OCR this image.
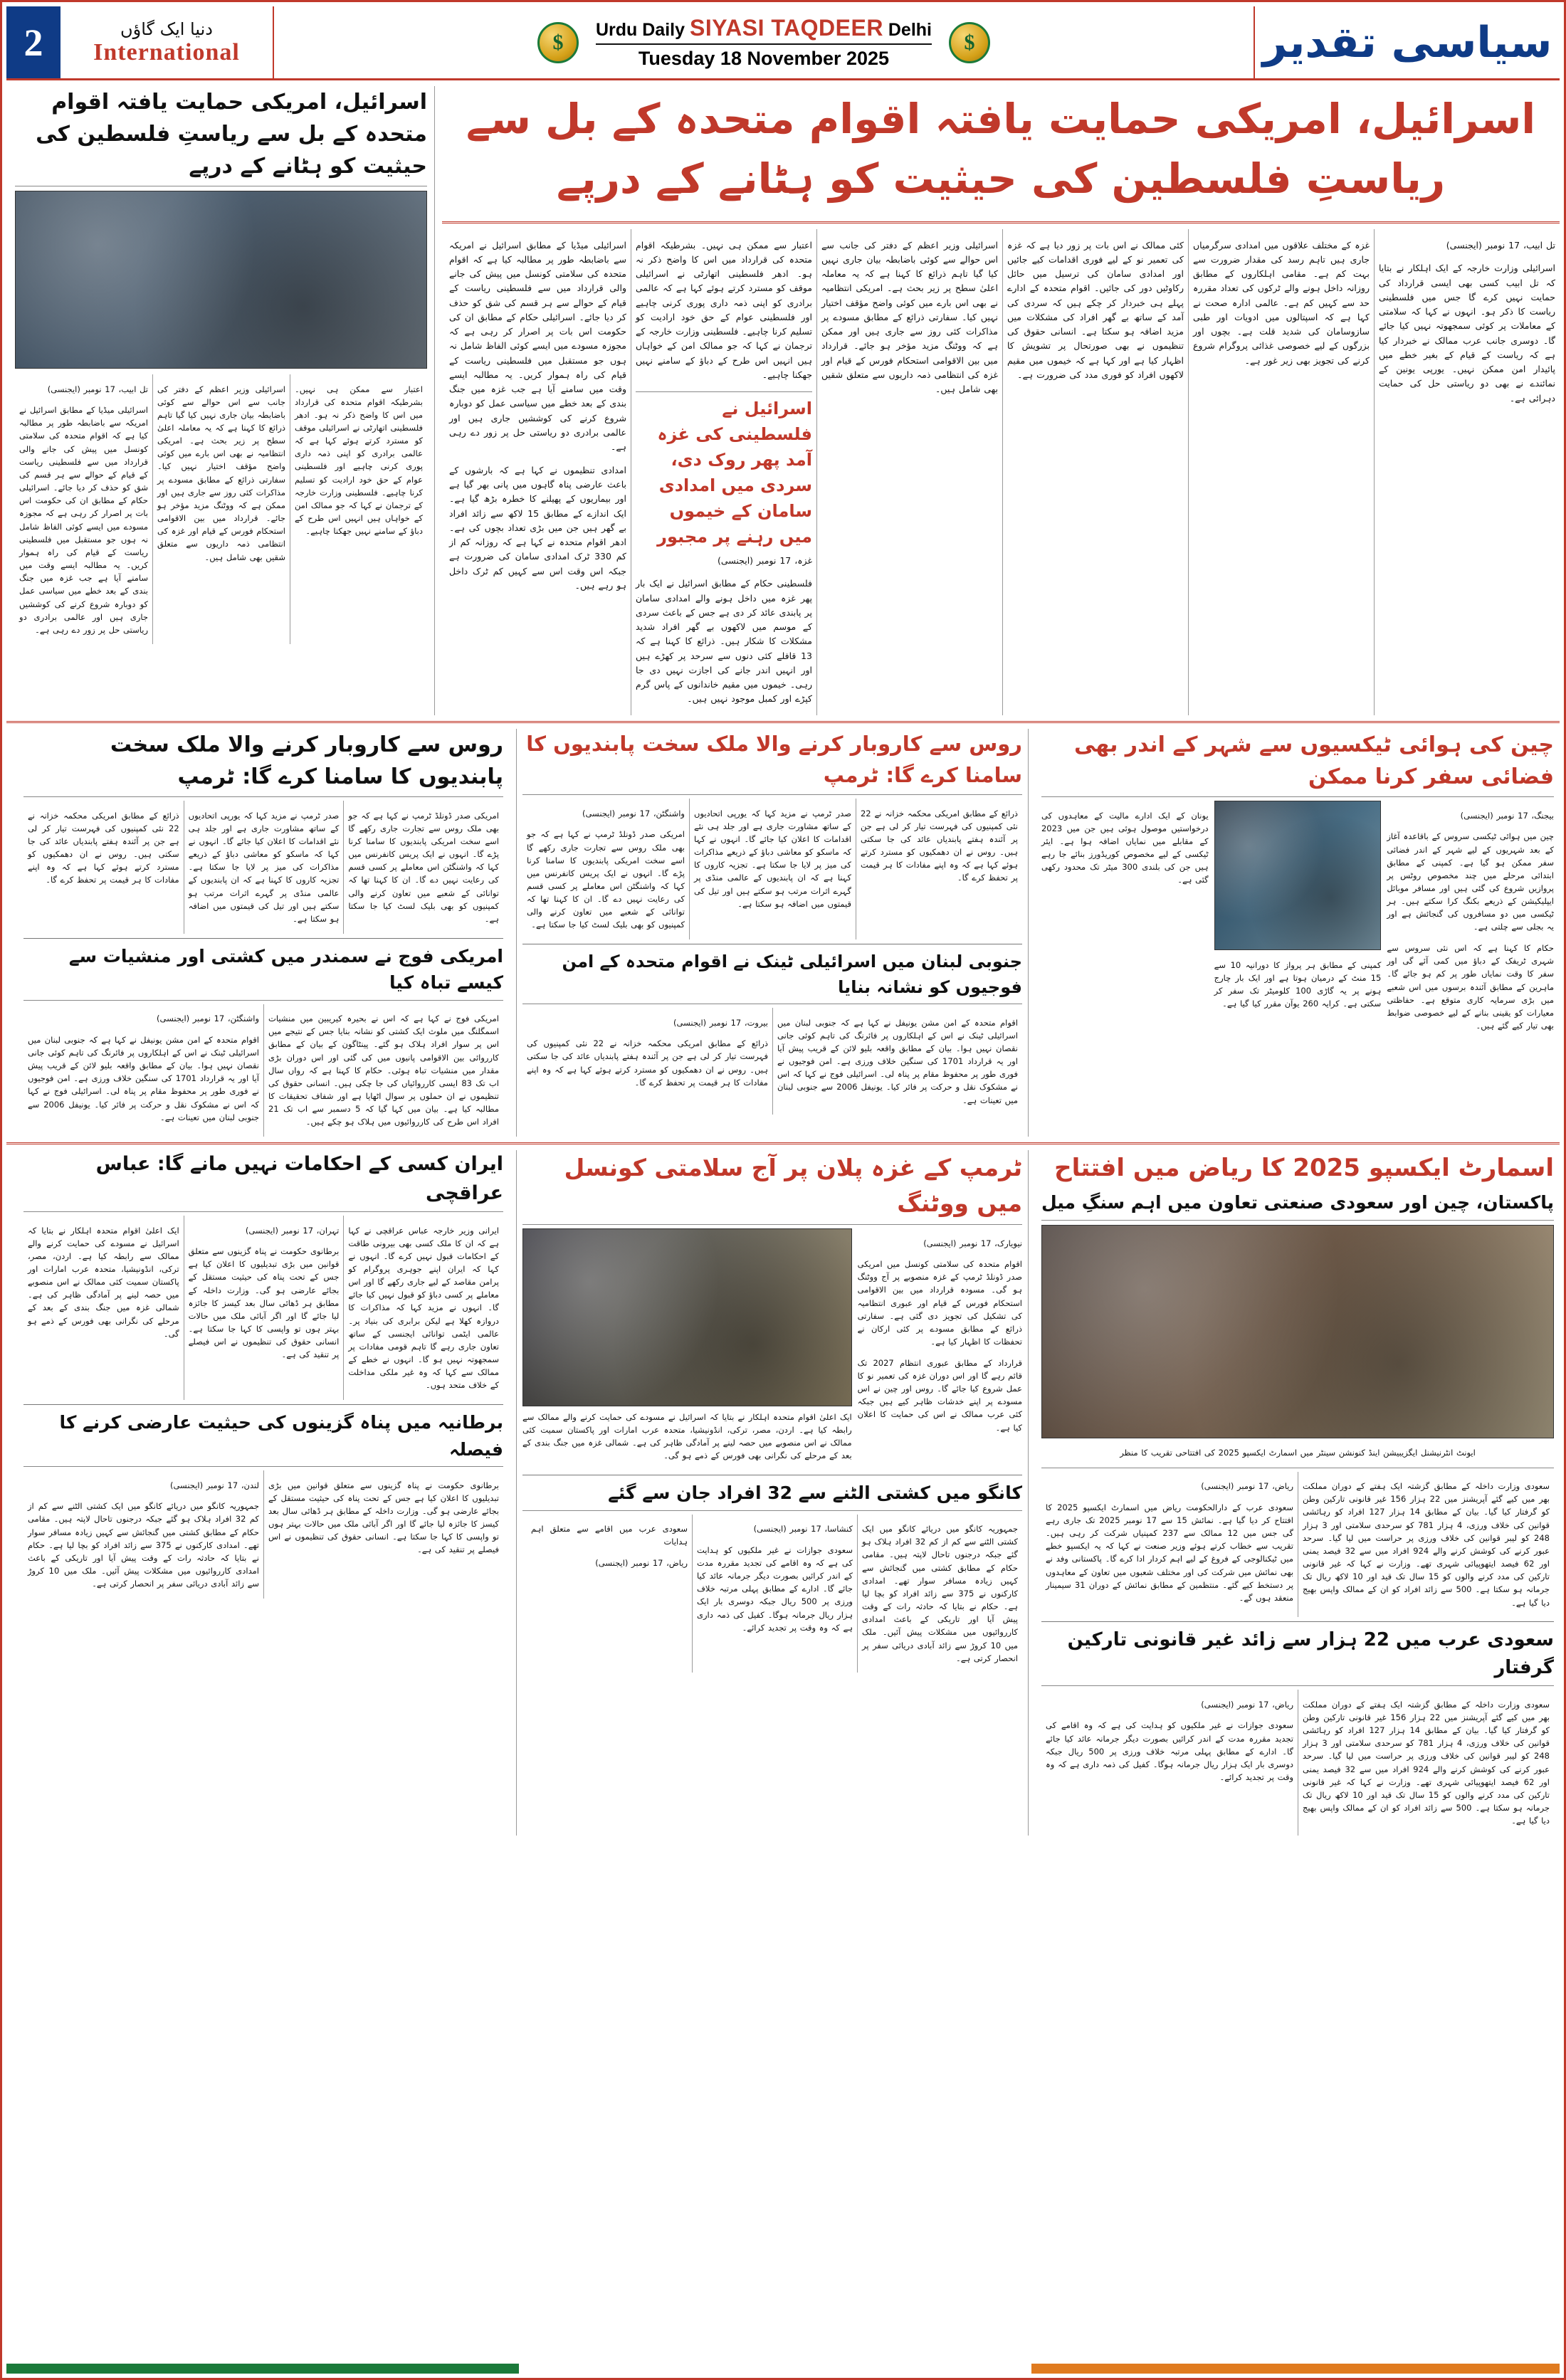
2	دنیا ایک گاؤں
International	$
Urdu Daily SIYASI TAQDEER Delhi
Tuesday 18 November 2025
$	سیاسی تقدیر
اسرائیل، امریکی حمایت یافتہ اقوام متحدہ کے بل سے ریاستِ فلسطین کی حیثیت کو ہٹانے کے درپے

تل ابیب، 17 نومبر (ایجنسی)

اسرائیلی وزارت خارجہ کے ایک اہلکار نے بتایا کہ تل ابیب کسی بھی ایسی قرارداد کی حمایت نہیں کرے گا جس میں فلسطینی ریاست کا ذکر ہو۔ انہوں نے کہا کہ سلامتی کے معاملات پر کوئی سمجھوتہ نہیں کیا جائے گا۔ دوسری جانب عرب ممالک نے خبردار کیا ہے کہ ریاست کے قیام کے بغیر خطے میں پائیدار امن ممکن نہیں۔ یورپی یونین کے نمائندے نے بھی دو ریاستی حل کی حمایت دہرائی ہے۔

غزہ کے مختلف علاقوں میں امدادی سرگرمیاں جاری ہیں تاہم رسد کی مقدار ضرورت سے بہت کم ہے۔ مقامی اہلکاروں کے مطابق روزانہ داخل ہونے والے ٹرکوں کی تعداد مقررہ حد سے کہیں کم ہے۔ عالمی ادارہ صحت نے کہا ہے کہ اسپتالوں میں ادویات اور طبی سازوسامان کی شدید قلت ہے۔ بچوں اور بزرگوں کے لیے خصوصی غذائی پروگرام شروع کرنے کی تجویز بھی زیر غور ہے۔

کئی ممالک نے اس بات پر زور دیا ہے کہ غزہ کی تعمیر نو کے لیے فوری اقدامات کیے جائیں اور امدادی سامان کی ترسیل میں حائل رکاوٹیں دور کی جائیں۔ اقوام متحدہ کے ادارے پہلے ہی خبردار کر چکے ہیں کہ سردی کی آمد کے ساتھ بے گھر افراد کی مشکلات میں مزید اضافہ ہو سکتا ہے۔ انسانی حقوق کی تنظیموں نے بھی صورتحال پر تشویش کا اظہار کیا ہے اور کہا ہے کہ خیموں میں مقیم لاکھوں افراد کو فوری مدد کی ضرورت ہے۔

اسرائیلی وزیر اعظم کے دفتر کی جانب سے اس حوالے سے کوئی باضابطہ بیان جاری نہیں کیا گیا تاہم ذرائع کا کہنا ہے کہ یہ معاملہ اعلیٰ سطح پر زیر بحث ہے۔ امریکی انتظامیہ نے بھی اس بارے میں کوئی واضح مؤقف اختیار نہیں کیا۔ سفارتی ذرائع کے مطابق مسودے پر مذاکرات کئی روز سے جاری ہیں اور ممکن ہے کہ ووٹنگ مزید مؤخر ہو جائے۔ قرارداد میں بین الاقوامی استحکام فورس کے قیام اور غزہ کی انتظامی ذمہ داریوں سے متعلق شقیں بھی شامل ہیں۔

اعتبار سے ممکن ہی نہیں۔ بشرطیکہ اقوام متحدہ کی قرارداد میں اس کا واضح ذکر نہ ہو۔ ادھر فلسطینی اتھارٹی نے اسرائیلی موقف کو مسترد کرتے ہوئے کہا ہے کہ عالمی برادری کو اپنی ذمہ داری پوری کرنی چاہیے اور فلسطینی عوام کے حق خود ارادیت کو تسلیم کرنا چاہیے۔ فلسطینی وزارت خارجہ کے ترجمان نے کہا کہ جو ممالک امن کے خواہاں ہیں انہیں اس طرح کے دباؤ کے سامنے نہیں جھکنا چاہیے۔

اسرائیل نے فلسطینی کی غزہ آمد پھر روک دی، سردی میں امدادی سامان کے خیموں میں رہنے پر مجبور

غزہ، 17 نومبر (ایجنسی)

فلسطینی حکام کے مطابق اسرائیل نے ایک بار پھر غزہ میں داخل ہونے والے امدادی سامان پر پابندی عائد کر دی ہے جس کے باعث سردی کے موسم میں لاکھوں بے گھر افراد شدید مشکلات کا شکار ہیں۔ ذرائع کا کہنا ہے کہ 13 قافلے کئی دنوں سے سرحد پر کھڑے ہیں اور انہیں اندر جانے کی اجازت نہیں دی جا رہی۔ خیموں میں مقیم خاندانوں کے پاس گرم کپڑے اور کمبل موجود نہیں ہیں۔

اسرائیلی میڈیا کے مطابق اسرائیل نے امریکہ سے باضابطہ طور پر مطالبہ کیا ہے کہ اقوام متحدہ کی سلامتی کونسل میں پیش کی جانے والی قرارداد میں سے فلسطینی ریاست کے قیام کے حوالے سے ہر قسم کی شق کو حذف کر دیا جائے۔ اسرائیلی حکام کے مطابق ان کی حکومت اس بات پر اصرار کر رہی ہے کہ مجوزہ مسودے میں ایسے کوئی الفاظ شامل نہ ہوں جو مستقبل میں فلسطینی ریاست کے قیام کی راہ ہموار کریں۔ یہ مطالبہ ایسے وقت میں سامنے آیا ہے جب غزہ میں جنگ بندی کے بعد خطے میں سیاسی عمل کو دوبارہ شروع کرنے کی کوششیں جاری ہیں اور عالمی برادری دو ریاستی حل پر زور دے رہی ہے۔

امدادی تنظیموں نے کہا ہے کہ بارشوں کے باعث عارضی پناہ گاہوں میں پانی بھر گیا ہے اور بیماریوں کے پھیلنے کا خطرہ بڑھ گیا ہے۔ ایک اندازے کے مطابق 15 لاکھ سے زائد افراد بے گھر ہیں جن میں بڑی تعداد بچوں کی ہے۔ ادھر اقوام متحدہ نے کہا ہے کہ روزانہ کم از کم 330 ٹرک امدادی سامان کی ضرورت ہے جبکہ اس وقت اس سے کہیں کم ٹرک داخل ہو رہے ہیں۔

اسرائیل، امریکی حمایت یافتہ اقوام متحدہ کے بل سے ریاستِ فلسطین کی حیثیت کو ہٹانے کے درپے

اعتبار سے ممکن ہی نہیں۔ بشرطیکہ اقوام متحدہ کی قرارداد میں اس کا واضح ذکر نہ ہو۔ ادھر فلسطینی اتھارٹی نے اسرائیلی موقف کو مسترد کرتے ہوئے کہا ہے کہ عالمی برادری کو اپنی ذمہ داری پوری کرنی چاہیے اور فلسطینی عوام کے حق خود ارادیت کو تسلیم کرنا چاہیے۔ فلسطینی وزارت خارجہ کے ترجمان نے کہا کہ جو ممالک امن کے خواہاں ہیں انہیں اس طرح کے دباؤ کے سامنے نہیں جھکنا چاہیے۔

اسرائیلی وزیر اعظم کے دفتر کی جانب سے اس حوالے سے کوئی باضابطہ بیان جاری نہیں کیا گیا تاہم ذرائع کا کہنا ہے کہ یہ معاملہ اعلیٰ سطح پر زیر بحث ہے۔ امریکی انتظامیہ نے بھی اس بارے میں کوئی واضح مؤقف اختیار نہیں کیا۔ سفارتی ذرائع کے مطابق مسودے پر مذاکرات کئی روز سے جاری ہیں اور ممکن ہے کہ ووٹنگ مزید مؤخر ہو جائے۔ قرارداد میں بین الاقوامی استحکام فورس کے قیام اور غزہ کی انتظامی ذمہ داریوں سے متعلق شقیں بھی شامل ہیں۔

تل ابیب، 17 نومبر (ایجنسی)

اسرائیلی میڈیا کے مطابق اسرائیل نے امریکہ سے باضابطہ طور پر مطالبہ کیا ہے کہ اقوام متحدہ کی سلامتی کونسل میں پیش کی جانے والی قرارداد میں سے فلسطینی ریاست کے قیام کے حوالے سے ہر قسم کی شق کو حذف کر دیا جائے۔ اسرائیلی حکام کے مطابق ان کی حکومت اس بات پر اصرار کر رہی ہے کہ مجوزہ مسودے میں ایسے کوئی الفاظ شامل نہ ہوں جو مستقبل میں فلسطینی ریاست کے قیام کی راہ ہموار کریں۔ یہ مطالبہ ایسے وقت میں سامنے آیا ہے جب غزہ میں جنگ بندی کے بعد خطے میں سیاسی عمل کو دوبارہ شروع کرنے کی کوششیں جاری ہیں اور عالمی برادری دو ریاستی حل پر زور دے رہی ہے۔

چین کی ہوائی ٹیکسیوں سے شہر کے اندر بھی فضائی سفر کرنا ممکن

بیجنگ، 17 نومبر (ایجنسی)

چین میں ہوائی ٹیکسی سروس کے باقاعدہ آغاز کے بعد شہریوں کے لیے شہر کے اندر فضائی سفر ممکن ہو گیا ہے۔ کمپنی کے مطابق ابتدائی مرحلے میں چند مخصوص روٹس پر پروازیں شروع کی گئی ہیں اور مسافر موبائل ایپلیکیشن کے ذریعے بکنگ کرا سکتے ہیں۔ ہر ٹیکسی میں دو مسافروں کی گنجائش ہے اور یہ بجلی سے چلتی ہے۔

حکام کا کہنا ہے کہ اس نئی سروس سے شہری ٹریفک کے دباؤ میں کمی آئے گی اور سفر کا وقت نمایاں طور پر کم ہو جائے گا۔ ماہرین کے مطابق آئندہ برسوں میں اس شعبے میں بڑی سرمایہ کاری متوقع ہے۔ حفاظتی معیارات کو یقینی بنانے کے لیے خصوصی ضوابط بھی تیار کیے گئے ہیں۔

کمپنی کے مطابق ہر پرواز کا دورانیہ 10 سے 15 منٹ کے درمیان ہوتا ہے اور ایک بار چارج ہونے پر یہ گاڑی 100 کلومیٹر تک سفر کر سکتی ہے۔ کرایہ 260 یوآن مقرر کیا گیا ہے۔

یونان کے ایک ادارے مالیت کے معاہدوں کی درخواستیں موصول ہوئی ہیں جن میں 2023 کے مقابلے میں نمایاں اضافہ ہوا ہے۔ ایئر ٹیکسی کے لیے مخصوص کوریڈورز بنائے جا رہے ہیں جن کی بلندی 300 میٹر تک محدود رکھی گئی ہے۔

روس سے کاروبار کرنے والا ملک سخت پابندیوں کا سامنا کرے گا: ٹرمپ

ذرائع کے مطابق امریکی محکمہ خزانہ نے 22 نئی کمپنیوں کی فہرست تیار کر لی ہے جن پر آئندہ ہفتے پابندیاں عائد کی جا سکتی ہیں۔ روس نے ان دھمکیوں کو مسترد کرتے ہوئے کہا ہے کہ وہ اپنے مفادات کا ہر قیمت پر تحفظ کرے گا۔

صدر ٹرمپ نے مزید کہا کہ یورپی اتحادیوں کے ساتھ مشاورت جاری ہے اور جلد ہی نئے اقدامات کا اعلان کیا جائے گا۔ انہوں نے کہا کہ ماسکو کو معاشی دباؤ کے ذریعے مذاکرات کی میز پر لایا جا سکتا ہے۔ تجزیہ کاروں کا کہنا ہے کہ ان پابندیوں کے عالمی منڈی پر گہرے اثرات مرتب ہو سکتے ہیں اور تیل کی قیمتوں میں اضافہ ہو سکتا ہے۔

واشنگٹن، 17 نومبر (ایجنسی)

امریکی صدر ڈونلڈ ٹرمپ نے کہا ہے کہ جو بھی ملک روس سے تجارت جاری رکھے گا اسے سخت امریکی پابندیوں کا سامنا کرنا پڑے گا۔ انہوں نے ایک پریس کانفرنس میں کہا کہ واشنگٹن اس معاملے پر کسی قسم کی رعایت نہیں دے گا۔ ان کا کہنا تھا کہ توانائی کے شعبے میں تعاون کرنے والی کمپنیوں کو بھی بلیک لسٹ کیا جا سکتا ہے۔

جنوبی لبنان میں اسرائیلی ٹینک نے اقوام متحدہ کے امن فوجیوں کو نشانہ بنایا

اقوام متحدہ کے امن مشن یونیفل نے کہا ہے کہ جنوبی لبنان میں اسرائیلی ٹینک نے اس کے اہلکاروں پر فائرنگ کی تاہم کوئی جانی نقصان نہیں ہوا۔ بیان کے مطابق واقعہ بلیو لائن کے قریب پیش آیا اور یہ قرارداد 1701 کی سنگین خلاف ورزی ہے۔ امن فوجیوں نے فوری طور پر محفوظ مقام پر پناہ لی۔ اسرائیلی فوج نے کہا کہ اس نے مشکوک نقل و حرکت پر فائر کیا۔ یونیفل 2006 سے جنوبی لبنان میں تعینات ہے۔

بیروت، 17 نومبر (ایجنسی)

ذرائع کے مطابق امریکی محکمہ خزانہ نے 22 نئی کمپنیوں کی فہرست تیار کر لی ہے جن پر آئندہ ہفتے پابندیاں عائد کی جا سکتی ہیں۔ روس نے ان دھمکیوں کو مسترد کرتے ہوئے کہا ہے کہ وہ اپنے مفادات کا ہر قیمت پر تحفظ کرے گا۔

روس سے کاروبار کرنے والا ملک سخت پابندیوں کا سامنا کرے گا: ٹرمپ

امریکی صدر ڈونلڈ ٹرمپ نے کہا ہے کہ جو بھی ملک روس سے تجارت جاری رکھے گا اسے سخت امریکی پابندیوں کا سامنا کرنا پڑے گا۔ انہوں نے ایک پریس کانفرنس میں کہا کہ واشنگٹن اس معاملے پر کسی قسم کی رعایت نہیں دے گا۔ ان کا کہنا تھا کہ توانائی کے شعبے میں تعاون کرنے والی کمپنیوں کو بھی بلیک لسٹ کیا جا سکتا ہے۔

صدر ٹرمپ نے مزید کہا کہ یورپی اتحادیوں کے ساتھ مشاورت جاری ہے اور جلد ہی نئے اقدامات کا اعلان کیا جائے گا۔ انہوں نے کہا کہ ماسکو کو معاشی دباؤ کے ذریعے مذاکرات کی میز پر لایا جا سکتا ہے۔ تجزیہ کاروں کا کہنا ہے کہ ان پابندیوں کے عالمی منڈی پر گہرے اثرات مرتب ہو سکتے ہیں اور تیل کی قیمتوں میں اضافہ ہو سکتا ہے۔

ذرائع کے مطابق امریکی محکمہ خزانہ نے 22 نئی کمپنیوں کی فہرست تیار کر لی ہے جن پر آئندہ ہفتے پابندیاں عائد کی جا سکتی ہیں۔ روس نے ان دھمکیوں کو مسترد کرتے ہوئے کہا ہے کہ وہ اپنے مفادات کا ہر قیمت پر تحفظ کرے گا۔

امریکی فوج نے سمندر میں کشتی اور منشیات سے کیسے تباہ کیا

امریکی فوج نے کہا ہے کہ اس نے بحیرہ کیریبین میں منشیات اسمگلنگ میں ملوث ایک کشتی کو نشانہ بنایا جس کے نتیجے میں اس پر سوار افراد ہلاک ہو گئے۔ پینٹاگون کے بیان کے مطابق کارروائی بین الاقوامی پانیوں میں کی گئی اور اس دوران بڑی مقدار میں منشیات تباہ ہوئی۔ حکام کا کہنا ہے کہ رواں سال اب تک 83 ایسی کارروائیاں کی جا چکی ہیں۔ انسانی حقوق کی تنظیموں نے ان حملوں پر سوال اٹھایا ہے اور شفاف تحقیقات کا مطالبہ کیا ہے۔ بیان میں کہا گیا کہ 5 دسمبر سے اب تک 21 افراد اس طرح کی کارروائیوں میں ہلاک ہو چکے ہیں۔

واشنگٹن، 17 نومبر (ایجنسی)

اقوام متحدہ کے امن مشن یونیفل نے کہا ہے کہ جنوبی لبنان میں اسرائیلی ٹینک نے اس کے اہلکاروں پر فائرنگ کی تاہم کوئی جانی نقصان نہیں ہوا۔ بیان کے مطابق واقعہ بلیو لائن کے قریب پیش آیا اور یہ قرارداد 1701 کی سنگین خلاف ورزی ہے۔ امن فوجیوں نے فوری طور پر محفوظ مقام پر پناہ لی۔ اسرائیلی فوج نے کہا کہ اس نے مشکوک نقل و حرکت پر فائر کیا۔ یونیفل 2006 سے جنوبی لبنان میں تعینات ہے۔

اسمارٹ ایکسپو 2025 کا ریاض میں افتتاح
پاکستان، چین اور سعودی صنعتی تعاون میں اہم سنگِ میل

ایونٹ انٹرنیشنل ایگزیبیشن اینڈ کنونشن سینٹر میں اسمارٹ ایکسپو 2025 کی افتتاحی تقریب کا منظر

سعودی وزارت داخلہ کے مطابق گزشتہ ایک ہفتے کے دوران مملکت بھر میں کیے گئے آپریشنز میں 22 ہزار 156 غیر قانونی تارکین وطن کو گرفتار کیا گیا۔ بیان کے مطابق 14 ہزار 127 افراد کو رہائشی قوانین کی خلاف ورزی، 4 ہزار 781 کو سرحدی سلامتی اور 3 ہزار 248 کو لیبر قوانین کی خلاف ورزی پر حراست میں لیا گیا۔ سرحد عبور کرنے کی کوشش کرنے والے 924 افراد میں سے 32 فیصد یمنی اور 62 فیصد ایتھوپیائی شہری تھے۔ وزارت نے کہا کہ غیر قانونی تارکین کی مدد کرنے والوں کو 15 سال تک قید اور 10 لاکھ ریال تک جرمانہ ہو سکتا ہے۔ 500 سے زائد افراد کو ان کے ممالک واپس بھیج دیا گیا ہے۔

ریاض، 17 نومبر (ایجنسی)

سعودی عرب کے دارالحکومت ریاض میں اسمارٹ ایکسپو 2025 کا افتتاح کر دیا گیا ہے۔ نمائش 15 سے 17 نومبر 2025 تک جاری رہے گی جس میں 12 ممالک سے 237 کمپنیاں شرکت کر رہی ہیں۔ تقریب سے خطاب کرتے ہوئے وزیر صنعت نے کہا کہ یہ ایکسپو خطے میں ٹیکنالوجی کے فروغ کے لیے اہم کردار ادا کرے گا۔ پاکستانی وفد نے بھی نمائش میں شرکت کی اور مختلف شعبوں میں تعاون کے معاہدوں پر دستخط کیے گئے۔ منتظمین کے مطابق نمائش کے دوران 31 سیمینار منعقد ہوں گے۔

سعودی عرب میں 22 ہزار سے زائد غیر قانونی تارکین گرفتار

سعودی وزارت داخلہ کے مطابق گزشتہ ایک ہفتے کے دوران مملکت بھر میں کیے گئے آپریشنز میں 22 ہزار 156 غیر قانونی تارکین وطن کو گرفتار کیا گیا۔ بیان کے مطابق 14 ہزار 127 افراد کو رہائشی قوانین کی خلاف ورزی، 4 ہزار 781 کو سرحدی سلامتی اور 3 ہزار 248 کو لیبر قوانین کی خلاف ورزی پر حراست میں لیا گیا۔ سرحد عبور کرنے کی کوشش کرنے والے 924 افراد میں سے 32 فیصد یمنی اور 62 فیصد ایتھوپیائی شہری تھے۔ وزارت نے کہا کہ غیر قانونی تارکین کی مدد کرنے والوں کو 15 سال تک قید اور 10 لاکھ ریال تک جرمانہ ہو سکتا ہے۔ 500 سے زائد افراد کو ان کے ممالک واپس بھیج دیا گیا ہے۔

ریاض، 17 نومبر (ایجنسی)

سعودی جوازات نے غیر ملکیوں کو ہدایت کی ہے کہ وہ اقامے کی تجدید مقررہ مدت کے اندر کرائیں بصورت دیگر جرمانہ عائد کیا جائے گا۔ ادارے کے مطابق پہلی مرتبہ خلاف ورزی پر 500 ریال جبکہ دوسری بار ایک ہزار ریال جرمانہ ہوگا۔ کفیل کی ذمہ داری ہے کہ وہ وقت پر تجدید کرائے۔

ٹرمپ کے غزہ پلان پر آج سلامتی کونسل میں ووٹنگ

نیویارک، 17 نومبر (ایجنسی)

اقوام متحدہ کی سلامتی کونسل میں امریکی صدر ڈونلڈ ٹرمپ کے غزہ منصوبے پر آج ووٹنگ ہو گی۔ مسودہ قرارداد میں بین الاقوامی استحکام فورس کے قیام اور عبوری انتظامیہ کی تشکیل کی تجویز دی گئی ہے۔ سفارتی ذرائع کے مطابق مسودے پر کئی ارکان نے تحفظات کا اظہار کیا ہے۔

قرارداد کے مطابق عبوری انتظام 2027 تک قائم رہے گا اور اس دوران غزہ کی تعمیر نو کا عمل شروع کیا جائے گا۔ روس اور چین نے اس مسودے پر اپنے خدشات ظاہر کیے ہیں جبکہ کئی عرب ممالک نے اس کی حمایت کا اعلان کیا ہے۔

ایک اعلیٰ اقوام متحدہ اہلکار نے بتایا کہ اسرائیل نے مسودے کی حمایت کرنے والے ممالک سے رابطہ کیا ہے۔ اردن، مصر، ترکی، انڈونیشیا، متحدہ عرب امارات اور پاکستان سمیت کئی ممالک نے اس منصوبے میں حصہ لینے پر آمادگی ظاہر کی ہے۔ شمالی غزہ میں جنگ بندی کے بعد کے مرحلے کی نگرانی بھی فورس کے ذمے ہو گی۔

کانگو میں کشتی الٹنے سے 32 افراد جان سے گئے

جمہوریہ کانگو میں دریائے کانگو میں ایک کشتی الٹنے سے کم از کم 32 افراد ہلاک ہو گئے جبکہ درجنوں تاحال لاپتہ ہیں۔ مقامی حکام کے مطابق کشتی میں گنجائش سے کہیں زیادہ مسافر سوار تھے۔ امدادی کارکنوں نے 375 سے زائد افراد کو بچا لیا ہے۔ حکام نے بتایا کہ حادثہ رات کے وقت پیش آیا اور تاریکی کے باعث امدادی کارروائیوں میں مشکلات پیش آئیں۔ ملک میں 10 کروڑ سے زائد آبادی دریائی سفر پر انحصار کرتی ہے۔

کنشاسا، 17 نومبر (ایجنسی)

سعودی جوازات نے غیر ملکیوں کو ہدایت کی ہے کہ وہ اقامے کی تجدید مقررہ مدت کے اندر کرائیں بصورت دیگر جرمانہ عائد کیا جائے گا۔ ادارے کے مطابق پہلی مرتبہ خلاف ورزی پر 500 ریال جبکہ دوسری بار ایک ہزار ریال جرمانہ ہوگا۔ کفیل کی ذمہ داری ہے کہ وہ وقت پر تجدید کرائے۔

سعودی عرب میں اقامے سے متعلق اہم ہدایات

ریاض، 17 نومبر (ایجنسی)

ایران کسی کے احکامات نہیں مانے گا: عباس عراقچی

ایرانی وزیر خارجہ عباس عراقچی نے کہا ہے کہ ان کا ملک کسی بھی بیرونی طاقت کے احکامات قبول نہیں کرے گا۔ انہوں نے کہا کہ ایران اپنے جوہری پروگرام کو پرامن مقاصد کے لیے جاری رکھے گا اور اس معاملے پر کسی دباؤ کو قبول نہیں کیا جائے گا۔ انہوں نے مزید کہا کہ مذاکرات کا دروازہ کھلا ہے لیکن برابری کی بنیاد پر۔ عالمی ایٹمی توانائی ایجنسی کے ساتھ تعاون جاری رہے گا تاہم قومی مفادات پر سمجھوتہ نہیں ہو گا۔ انہوں نے خطے کے ممالک سے کہا کہ وہ غیر ملکی مداخلت کے خلاف متحد ہوں۔

تہران، 17 نومبر (ایجنسی)

برطانوی حکومت نے پناہ گزینوں سے متعلق قوانین میں بڑی تبدیلیوں کا اعلان کیا ہے جس کے تحت پناہ کی حیثیت مستقل کے بجائے عارضی ہو گی۔ وزارت داخلہ کے مطابق ہر ڈھائی سال بعد کیسز کا جائزہ لیا جائے گا اور اگر آبائی ملک میں حالات بہتر ہوں تو واپسی کا کہا جا سکتا ہے۔ انسانی حقوق کی تنظیموں نے اس فیصلے پر تنقید کی ہے۔

ایک اعلیٰ اقوام متحدہ اہلکار نے بتایا کہ اسرائیل نے مسودے کی حمایت کرنے والے ممالک سے رابطہ کیا ہے۔ اردن، مصر، ترکی، انڈونیشیا، متحدہ عرب امارات اور پاکستان سمیت کئی ممالک نے اس منصوبے میں حصہ لینے پر آمادگی ظاہر کی ہے۔ شمالی غزہ میں جنگ بندی کے بعد کے مرحلے کی نگرانی بھی فورس کے ذمے ہو گی۔

برطانیہ میں پناہ گزینوں کی حیثیت عارضی کرنے کا فیصلہ

برطانوی حکومت نے پناہ گزینوں سے متعلق قوانین میں بڑی تبدیلیوں کا اعلان کیا ہے جس کے تحت پناہ کی حیثیت مستقل کے بجائے عارضی ہو گی۔ وزارت داخلہ کے مطابق ہر ڈھائی سال بعد کیسز کا جائزہ لیا جائے گا اور اگر آبائی ملک میں حالات بہتر ہوں تو واپسی کا کہا جا سکتا ہے۔ انسانی حقوق کی تنظیموں نے اس فیصلے پر تنقید کی ہے۔

لندن، 17 نومبر (ایجنسی)

جمہوریہ کانگو میں دریائے کانگو میں ایک کشتی الٹنے سے کم از کم 32 افراد ہلاک ہو گئے جبکہ درجنوں تاحال لاپتہ ہیں۔ مقامی حکام کے مطابق کشتی میں گنجائش سے کہیں زیادہ مسافر سوار تھے۔ امدادی کارکنوں نے 375 سے زائد افراد کو بچا لیا ہے۔ حکام نے بتایا کہ حادثہ رات کے وقت پیش آیا اور تاریکی کے باعث امدادی کارروائیوں میں مشکلات پیش آئیں۔ ملک میں 10 کروڑ سے زائد آبادی دریائی سفر پر انحصار کرتی ہے۔
